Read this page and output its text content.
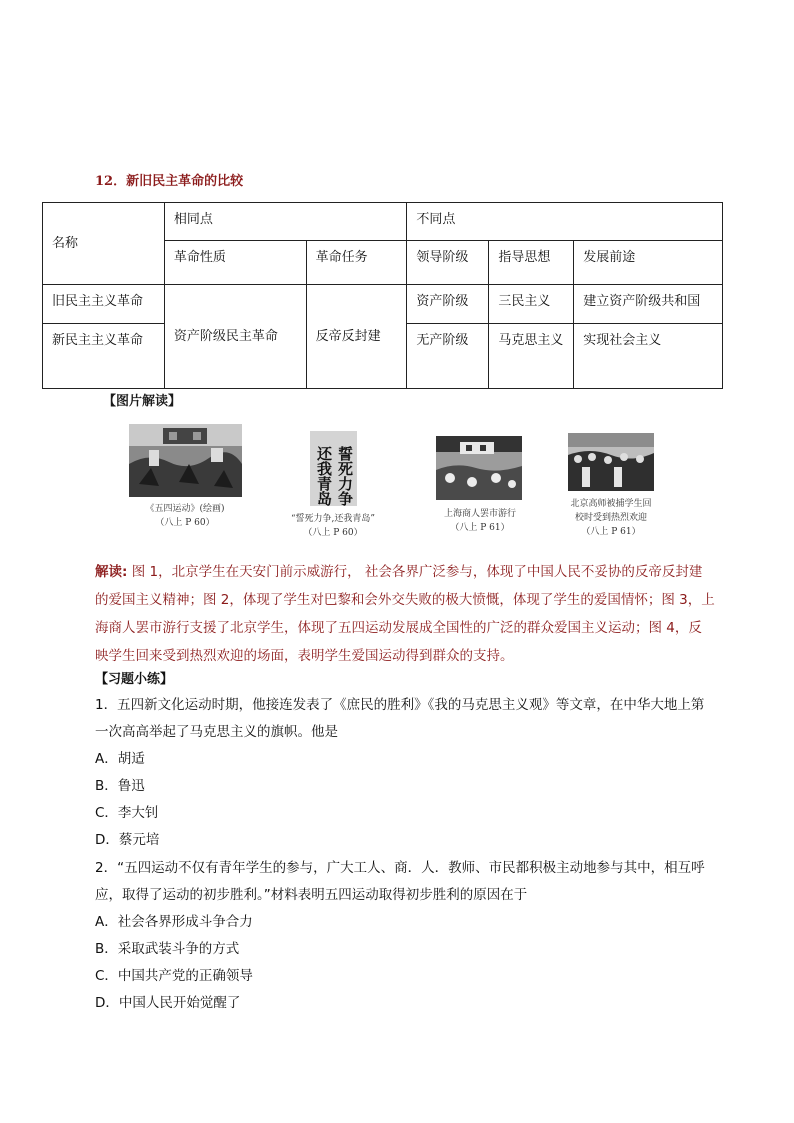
12．新旧民主革命的比较
名称	相同点		不同点		
	革命性质	革命任务	领导阶级	指导思想	发展前途
旧民主主义革命	资产阶级民主革命	反帝反封建	资产阶级	三民主义	建立资产阶级共和国
新民主主义革命			无产阶级	马克思主义	实现社会主义
【图片解读】
《五四运动》(绘画)
（八上 P 60）
誓死力争
还我青岛
“誓死力争,还我青岛”
（八上 P 60）
上海商人罢市游行
（八上 P 61）
北京高师被捕学生回
校时受到热烈欢迎
（八上 P 61）
解读: 图 1，北京学生在天安门前示威游行， 社会各界广泛参与，体现了中国人民不妥协的反帝反封建的爱国主义精神；图 2，体现了学生对巴黎和会外交失败的极大愤慨，体现了学生的爱国情怀；图 3，上海商人罢市游行支援了北京学生，体现了五四运动发展成全国性的广泛的群众爱国主义运动；图 4，反映学生回来受到热烈欢迎的场面，表明学生爱国运动得到群众的支持。
【习题小练】
1．五四新文化运动时期，他接连发表了《庶民的胜利》《我的马克思主义观》等文章，在中华大地上第一次高高举起了马克思主义的旗帜。他是
A．胡适
B．鲁迅
C．李大钊
D．蔡元培
2．“五四运动不仅有青年学生的参与，广大工人、商．人．教师、市民都积极主动地参与其中，相互呼应，取得了运动的初步胜利。”材料表明五四运动取得初步胜利的原因在于
A．社会各界形成斗争合力
B．采取武装斗争的方式
C．中国共产党的正确领导
D．中国人民开始觉醒了
